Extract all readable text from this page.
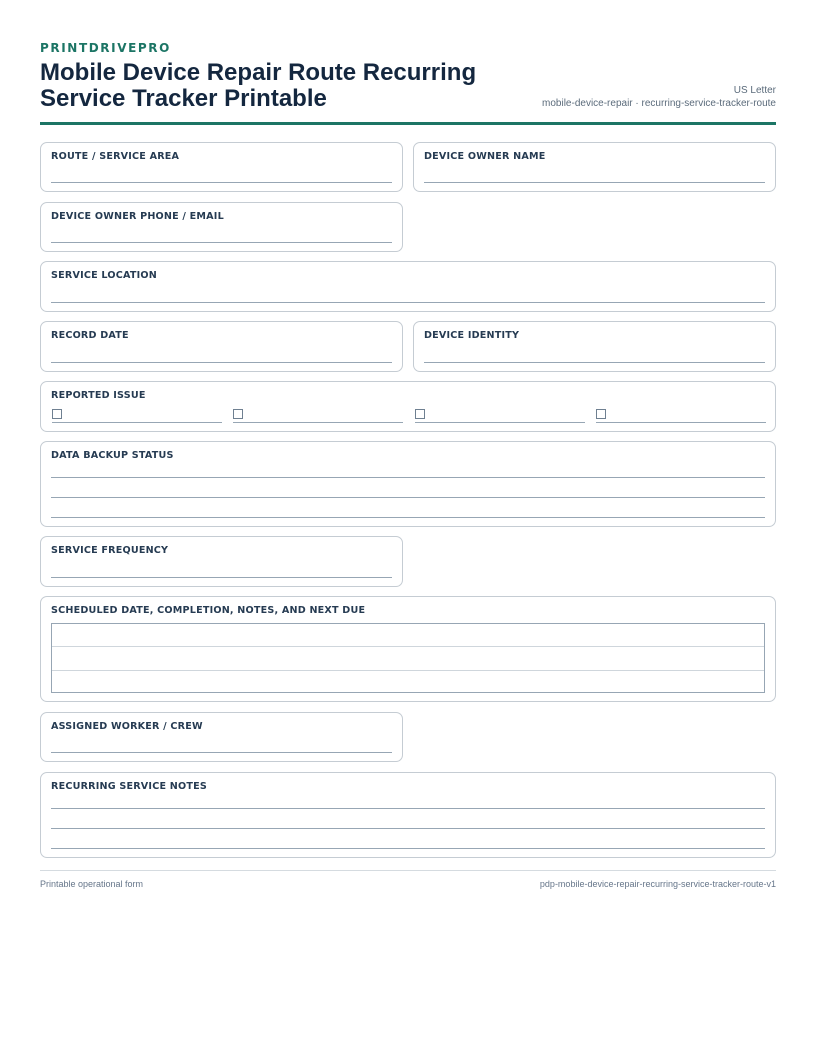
PRINTDRIVEPRO
Mobile Device Repair Route Recurring Service Tracker Printable	US Letter
mobile-device-repair · recurring-service-tracker-route
ROUTE / SERVICE AREA	DEVICE OWNER NAME
DEVICE OWNER PHONE / EMAIL
SERVICE LOCATION
RECORD DATE	DEVICE IDENTITY
REPORTED ISSUE
DATA BACKUP STATUS
SERVICE FREQUENCY
SCHEDULED DATE, COMPLETION, NOTES, AND NEXT DUE
ASSIGNED WORKER / CREW
RECURRING SERVICE NOTES
Printable operational form	pdp-mobile-device-repair-recurring-service-tracker-route-v1
